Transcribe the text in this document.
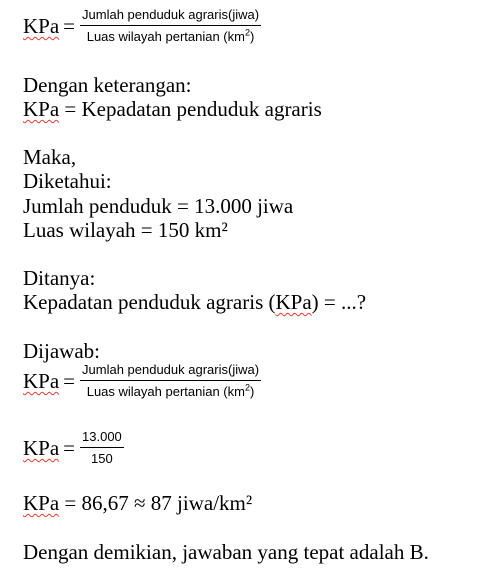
KPa = $\frac{\text{Jumlah penduduk agraris(jiwa)}}{Luas wilayah pertanian (km^2)}$
Dengan keterangan:
KPa = Kepadatan penduduk agraris
Maka,
Diketahui:
Jumlah penduduk = 13.000 jiwa
Luas wilayah = 150 km²
Ditanya:
Kepadatan penduduk agraris (KPa) = ...?
Dijawab:
KPa = $\frac{\text{Jumlah penduduk agraris(jiwa)}}{Luas wilayah pertanian (km^2)}$
KPa = $\frac{13.000}{150}$
KPa = 86,67 ≈ 87 jiwa/km²
Dengan demikian, jawaban yang tepat adalah B.
